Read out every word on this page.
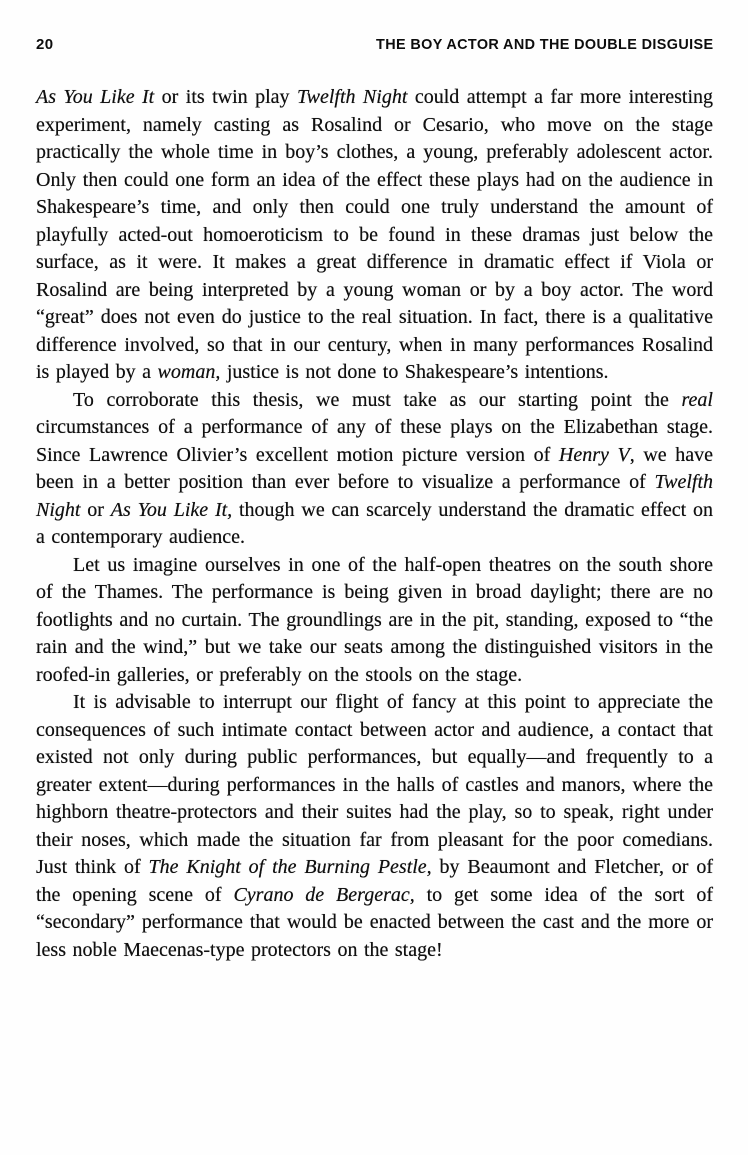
20	THE BOY ACTOR AND THE DOUBLE DISGUISE

As You Like It or its twin play Twelfth Night could attempt a far more interesting experiment, namely casting as Rosalind or Cesario, who move on the stage practically the whole time in boy’s clothes, a young, preferably adolescent actor. Only then could one form an idea of the effect these plays had on the audience in Shakespeare’s time, and only then could one truly understand the amount of playfully acted-out homoeroticism to be found in these dramas just below the surface, as it were. It makes a great difference in dramatic effect if Viola or Rosalind are being interpreted by a young woman or by a boy actor. The word “great” does not even do justice to the real situation. In fact, there is a qualitative difference involved, so that in our century, when in many performances Rosalind is played by a woman, justice is not done to Shakespeare’s intentions.

To corroborate this thesis, we must take as our starting point the real circumstances of a performance of any of these plays on the Elizabethan stage. Since Lawrence Olivier’s excellent motion picture version of Henry V, we have been in a better position than ever before to visualize a performance of Twelfth Night or As You Like It, though we can scarcely understand the dramatic effect on a contemporary audience.

Let us imagine ourselves in one of the half-open theatres on the south shore of the Thames. The performance is being given in broad daylight; there are no footlights and no curtain. The groundlings are in the pit, standing, exposed to “the rain and the wind,” but we take our seats among the distinguished visitors in the roofed-in galleries, or preferably on the stools on the stage.

It is advisable to interrupt our flight of fancy at this point to appreciate the consequences of such intimate contact between actor and audience, a contact that existed not only during public performances, but equally—and frequently to a greater extent—during performances in the halls of castles and manors, where the highborn theatre-protectors and their suites had the play, so to speak, right under their noses, which made the situation far from pleasant for the poor comedians. Just think of The Knight of the Burning Pestle, by Beaumont and Fletcher, or of the opening scene of Cyrano de Bergerac, to get some idea of the sort of “secondary” performance that would be enacted between the cast and the more or less noble Maecenas-type protectors on the stage!
